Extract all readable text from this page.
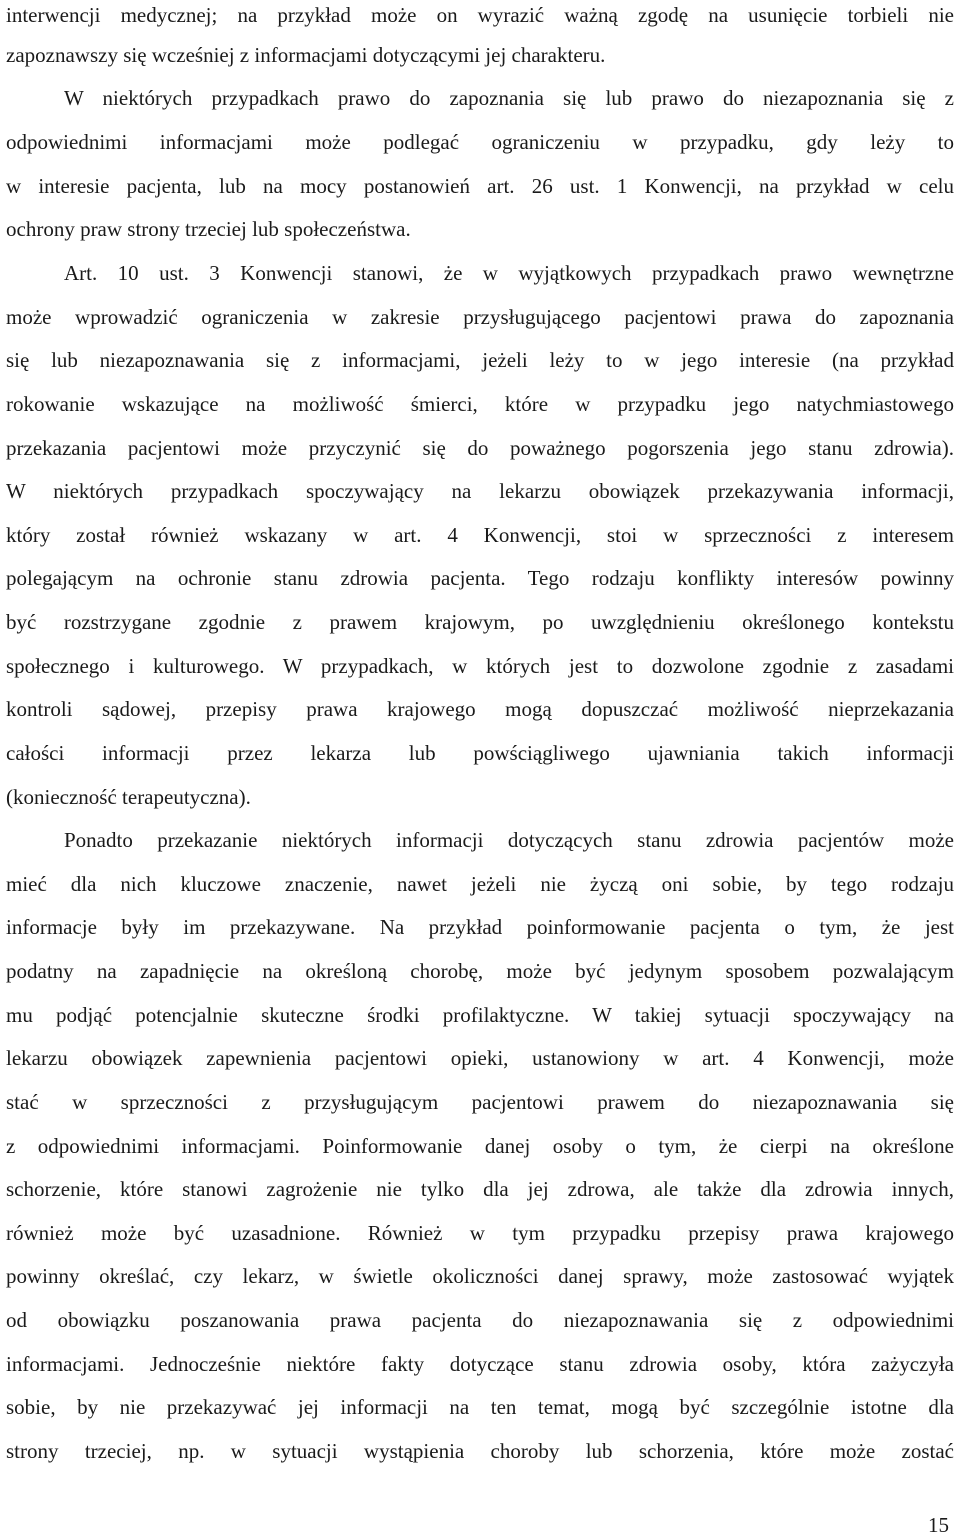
interwencji medycznej; na przykład może on wyrazić ważną zgodę na usunięcie torbieli nie
zapoznawszy się wcześniej z informacjami dotyczącymi jej charakteru.
W niektórych przypadkach prawo do zapoznania się lub prawo do niezapoznania się z
odpowiednimi informacjami może podlegać ograniczeniu w przypadku, gdy leży to
w interesie pacjenta, lub na mocy postanowień art. 26 ust. 1 Konwencji, na przykład w celu
ochrony praw strony trzeciej lub społeczeństwa.
Art. 10 ust. 3 Konwencji stanowi, że w wyjątkowych przypadkach prawo wewnętrzne
może wprowadzić ograniczenia w zakresie przysługującego pacjentowi prawa do zapoznania
się lub niezapoznawania się z informacjami, jeżeli leży to w jego interesie (na przykład
rokowanie wskazujące na możliwość śmierci, które w przypadku jego natychmiastowego
przekazania pacjentowi może przyczynić się do poważnego pogorszenia jego stanu zdrowia).
W niektórych przypadkach spoczywający na lekarzu obowiązek przekazywania informacji,
który został również wskazany w art. 4 Konwencji, stoi w sprzeczności z interesem
polegającym na ochronie stanu zdrowia pacjenta. Tego rodzaju konflikty interesów powinny
być rozstrzygane zgodnie z prawem krajowym, po uwzględnieniu określonego kontekstu
społecznego i kulturowego. W przypadkach, w których jest to dozwolone zgodnie z zasadami
kontroli sądowej, przepisy prawa krajowego mogą dopuszczać możliwość nieprzekazania
całości informacji przez lekarza lub powściągliwego ujawniania takich informacji
(konieczność terapeutyczna).
Ponadto przekazanie niektórych informacji dotyczących stanu zdrowia pacjentów może
mieć dla nich kluczowe znaczenie, nawet jeżeli nie życzą oni sobie, by tego rodzaju
informacje były im przekazywane. Na przykład poinformowanie pacjenta o tym, że jest
podatny na zapadnięcie na określoną chorobę, może być jedynym sposobem pozwalającym
mu podjąć potencjalnie skuteczne środki profilaktyczne. W takiej sytuacji spoczywający na
lekarzu obowiązek zapewnienia pacjentowi opieki, ustanowiony w art. 4 Konwencji, może
stać w sprzeczności z przysługującym pacjentowi prawem do niezapoznawania się
z odpowiednimi informacjami. Poinformowanie danej osoby o tym, że cierpi na określone
schorzenie, które stanowi zagrożenie nie tylko dla jej zdrowa, ale także dla zdrowia innych,
również może być uzasadnione. Również w tym przypadku przepisy prawa krajowego
powinny określać, czy lekarz, w świetle okoliczności danej sprawy, może zastosować wyjątek
od obowiązku poszanowania prawa pacjenta do niezapoznawania się z odpowiednimi
informacjami. Jednocześnie niektóre fakty dotyczące stanu zdrowia osoby, która zażyczyła
sobie, by nie przekazywać jej informacji na ten temat, mogą być szczególnie istotne dla
strony trzeciej, np. w sytuacji wystąpienia choroby lub schorzenia, które może zostać
15
